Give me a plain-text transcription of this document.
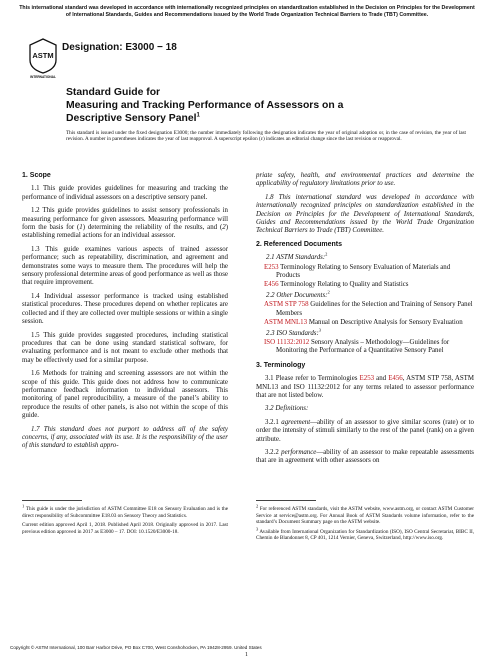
This international standard was developed in accordance with internationally recognized principles on standardization established in the Decision on Principles for the Development of International Standards, Guides and Recommendations issued by the World Trade Organization Technical Barriers to Trade (TBT) Committee.
ASTM
INTERNATIONAL
Designation: E3000 − 18
Standard Guide for
Measuring and Tracking Performance of Assessors on a
Descriptive Sensory Panel$^1$
This standard is issued under the fixed designation E3000; the number immediately following the designation indicates the year of original adoption or, in the case of revision, the year of last revision. A number in parentheses indicates the year of last reapproval. A superscript epsilon (ε) indicates an editorial change since the last revision or reapproval.
1. Scope

1.1 This guide provides guidelines for measuring and tracking the performance of individual assessors on a descriptive sensory panel.

1.2 This guide provides guidelines to assist sensory professionals in measuring performance for given assessors. Measuring performance will form the basis for (1) determining the reliability of the results, and (2) establishing remedial actions for an individual assessor.

1.3 This guide examines various aspects of trained assessor performance; such as repeatability, discrimination, and agreement and demonstrates some ways to measure them. The procedures will help the sensory professional determine areas of good performance as well as those that require improvement.

1.4 Individual assessor performance is tracked using established statistical procedures. These procedures depend on whether replicates are collected and if they are collected over multiple sessions or within a single session.

1.5 This guide provides suggested procedures, including statistical procedures that can be done using standard statistical software, for evaluating performance and is not meant to exclude other methods that may be effectively used for a similar purpose.

1.6 Methods for training and screening assessors are not within the scope of this guide. This guide does not address how to communicate performance feedback information to individual assessors. This monitoring of panel reproducibility, a measure of the panel’s ability to reproduce the results of other panels, is also not within the scope of this guide.

1.7 This standard does not purport to address all of the safety concerns, if any, associated with its use. It is the responsibility of the user of this standard to establish appro-

priate safety, health, and environmental practices and determine the applicability of regulatory limitations prior to use.

1.8 This international standard was developed in accordance with internationally recognized principles on standardization established in the Decision on Principles for the Development of International Standards, Guides and Recommendations issued by the World Trade Organization Technical Barriers to Trade (TBT) Committee.

2. Referenced Documents
2.1 ASTM Standards:$^2$
E253 Terminology Relating to Sensory Evaluation of Materials and Products
E456 Terminology Relating to Quality and Statistics
2.2 Other Documents:$^2$
ASTM STP 758 Guidelines for the Selection and Training of Sensory Panel Members
ASTM MNL13 Manual on Descriptive Analysis for Sensory Evaluation
2.3 ISO Standards:$^3$
ISO 11132:2012 Sensory Analysis – Methodology—Guidelines for Monitoring the Performance of a Quantitative Sensory Panel
3. Terminology

3.1 Please refer to Terminologies E253 and E456, ASTM STP 758, ASTM MNL13 and ISO 11132:2012 for any terms related to assessor performance that are not listed below.

3.2 Definitions:

3.2.1 agreement—ability of an assessor to give similar scores (rate) or to order the intensity of stimuli similarly to the rest of the panel (rank) on a given attribute.

3.2.2 performance—ability of an assessor to make repeatable assessments that are in agreement with other assessors on

$^1$ This guide is under the jurisdiction of ASTM Committee E18 on Sensory Evaluation and is the direct responsibility of Subcommittee E18.03 on Sensory Theory and Statistics.

Current edition approved April 1, 2018. Published April 2018. Originally approved in 2017. Last previous edition approved in 2017 as E3000 – 17. DOI: 10.1520/E3000-18.

$^2$ For referenced ASTM standards, visit the ASTM website, www.astm.org, or contact ASTM Customer Service at service@astm.org. For Annual Book of ASTM Standards volume information, refer to the standard’s Document Summary page on the ASTM website.

$^3$ Available from International Organization for Standardization (ISO), ISO Central Secretariat, BIBC II, Chemin de Blandonnet 8, CP 401, 1214 Vernier, Geneva, Switzerland, http://www.iso.org.

Copyright © ASTM International, 100 Barr Harbor Drive, PO Box C700, West Conshohocken, PA 19428-2959. United States
1
